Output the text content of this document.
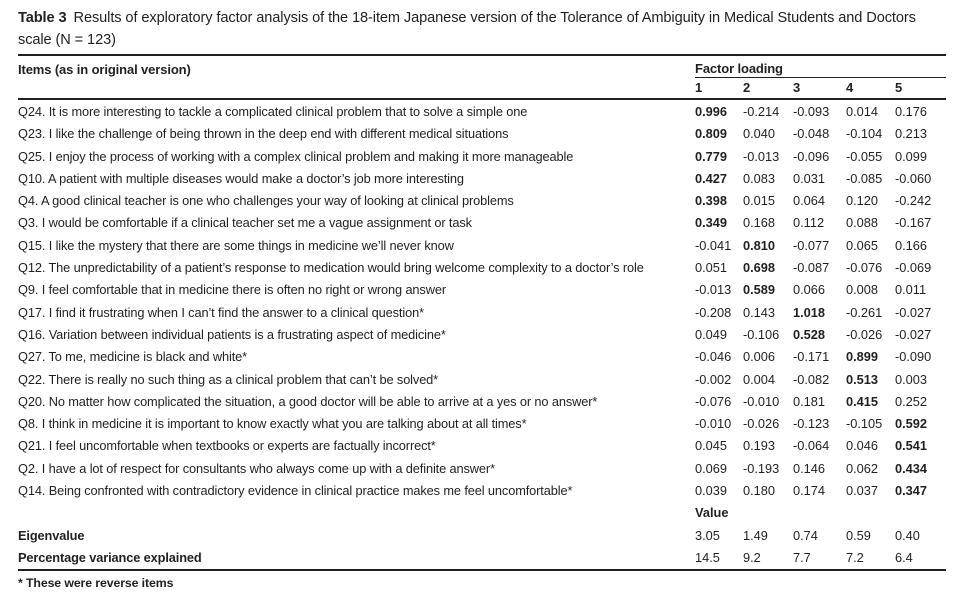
Table 3 Results of exploratory factor analysis of the 18-item Japanese version of the Tolerance of Ambiguity in Medical Students and Doctors scale (N = 123)
Items (as in original version)	Factor loading				
	1	2	3	4	5
Q24. It is more interesting to tackle a complicated clinical problem that to solve a simple one	0.996	-0.214	-0.093	0.014	0.176
Q23. I like the challenge of being thrown in the deep end with different medical situations	0.809	0.040	-0.048	-0.104	0.213
Q25. I enjoy the process of working with a complex clinical problem and making it more manageable	0.779	-0.013	-0.096	-0.055	0.099
Q10. A patient with multiple diseases would make a doctor’s job more interesting	0.427	0.083	0.031	-0.085	-0.060
Q4. A good clinical teacher is one who challenges your way of looking at clinical problems	0.398	0.015	0.064	0.120	-0.242
Q3. I would be comfortable if a clinical teacher set me a vague assignment or task	0.349	0.168	0.112	0.088	-0.167
Q15. I like the mystery that there are some things in medicine we’ll never know	-0.041	0.810	-0.077	0.065	0.166
Q12. The unpredictability of a patient’s response to medication would bring welcome complexity to a doctor’s role	0.051	0.698	-0.087	-0.076	-0.069
Q9. I feel comfortable that in medicine there is often no right or wrong answer	-0.013	0.589	0.066	0.008	0.011
Q17. I find it frustrating when I can’t find the answer to a clinical question*	-0.208	0.143	1.018	-0.261	-0.027
Q16. Variation between individual patients is a frustrating aspect of medicine*	0.049	-0.106	0.528	-0.026	-0.027
Q27. To me, medicine is black and white*	-0.046	0.006	-0.171	0.899	-0.090
Q22. There is really no such thing as a clinical problem that can’t be solved*	-0.002	0.004	-0.082	0.513	0.003
Q20. No matter how complicated the situation, a good doctor will be able to arrive at a yes or no answer*	-0.076	-0.010	0.181	0.415	0.252
Q8. I think in medicine it is important to know exactly what you are talking about at all times*	-0.010	-0.026	-0.123	-0.105	0.592
Q21. I feel uncomfortable when textbooks or experts are factually incorrect*	0.045	0.193	-0.064	0.046	0.541
Q2. I have a lot of respect for consultants who always come up with a definite answer*	0.069	-0.193	0.146	0.062	0.434
Q14. Being confronted with contradictory evidence in clinical practice makes me feel uncomfortable*	0.039	0.180	0.174	0.037	0.347
	Value				
Eigenvalue	3.05	1.49	0.74	0.59	0.40
Percentage variance explained	14.5	9.2	7.7	7.2	6.4
* These were reverse items
